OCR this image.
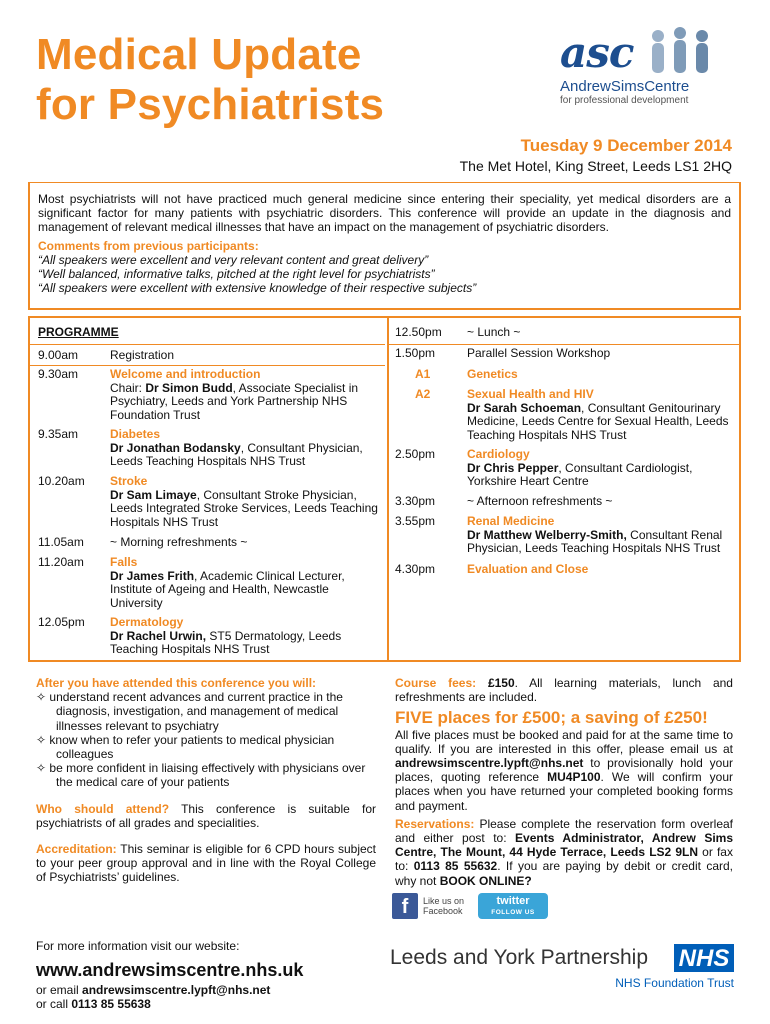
Medical Update
for Psychiatrists
asc
AndrewSimsCentre
for professional development
Tuesday 9 December 2014
The Met Hotel, King Street, Leeds LS1 2HQ

Most psychiatrists will not have practiced much general medicine since entering their speciality, yet medical disorders are a significant factor for many patients with psychiatric disorders. This conference will provide an update in the diagnosis and management of relevant medical illnesses that have an impact on the management of psychiatric disorders.

Comments from previous participants:
“All speakers were excellent and very relevant content and great delivery”
“Well balanced, informative talks, pitched at the right level for psychiatrists”
“All speakers were excellent with extensive knowledge of their respective subjects”
PROGRAMME
9.00am	Registration
9.30am	Welcome and introduction
Chair: Dr Simon Budd, Associate Specialist in Psychiatry, Leeds and York Partnership NHS Foundation Trust
9.35am	Diabetes
Dr Jonathan Bodansky, Consultant Physician, Leeds Teaching Hospitals NHS Trust
10.20am Stroke
Dr Sam Limaye, Consultant Stroke Physician, Leeds Integrated Stroke Services, Leeds Teaching Hospitals NHS Trust
11.05am ~ Morning refreshments ~
11.20am Falls
Dr James Frith, Academic Clinical Lecturer, Institute of Ageing and Health, Newcastle University
12.05pm Dermatology
Dr Rachel Urwin, ST5 Dermatology, Leeds Teaching Hospitals NHS Trust
12.50pm ~ Lunch ~
1.50pm	Parallel Session Workshop
A1	Genetics
A2	Sexual Health and HIV
Dr Sarah Schoeman, Consultant Genitourinary Medicine, Leeds Centre for Sexual Health, Leeds Teaching Hospitals NHS Trust
2.50pm	Cardiology
Dr Chris Pepper, Consultant Cardiologist, Yorkshire Heart Centre
3.30pm	~ Afternoon refreshments ~
3.55pm	Renal Medicine
Dr Matthew Welberry-Smith, Consultant Renal Physician, Leeds Teaching Hospitals NHS Trust
4.30pm	Evaluation and Close
After you have attended this conference you will:
✧ understand recent advances and current practice in the diagnosis, investigation, and management of medical illnesses relevant to psychiatry
✧ know when to refer your patients to medical physician colleagues
✧ be more confident in liaising effectively with physicians over the medical care of your patients

Who should attend? This conference is suitable for psychiatrists of all grades and specialities.

Accreditation: This seminar is eligible for 6 CPD hours subject to your peer group approval and in line with the Royal College of Psychiatrists’ guidelines.

Course fees: £150. All learning materials, lunch and refreshments are included.

FIVE places for £500; a saving of £250!

All five places must be booked and paid for at the same time to qualify. If you are interested in this offer, please email us at andrewsimscentre.lypft@nhs.net to provisionally hold your places, quoting reference MU4P100. We will confirm your places when you have returned your completed booking forms and payment.

Reservations: Please complete the reservation form overleaf and either post to: Events Administrator, Andrew Sims Centre, The Mount, 44 Hyde Terrace, Leeds LS2 9LN or fax to: 0113 85 55632. If you are paying by debit or credit card, why not BOOK ONLINE?

f	Like us on
Facebook
twitter
FOLLOW US
For more information visit our website:
www.andrewsimscentre.nhs.uk
or email andrewsimscentre.lypft@nhs.net
or call 0113 85 55638
Leeds and York Partnership NHS
NHS Foundation Trust
